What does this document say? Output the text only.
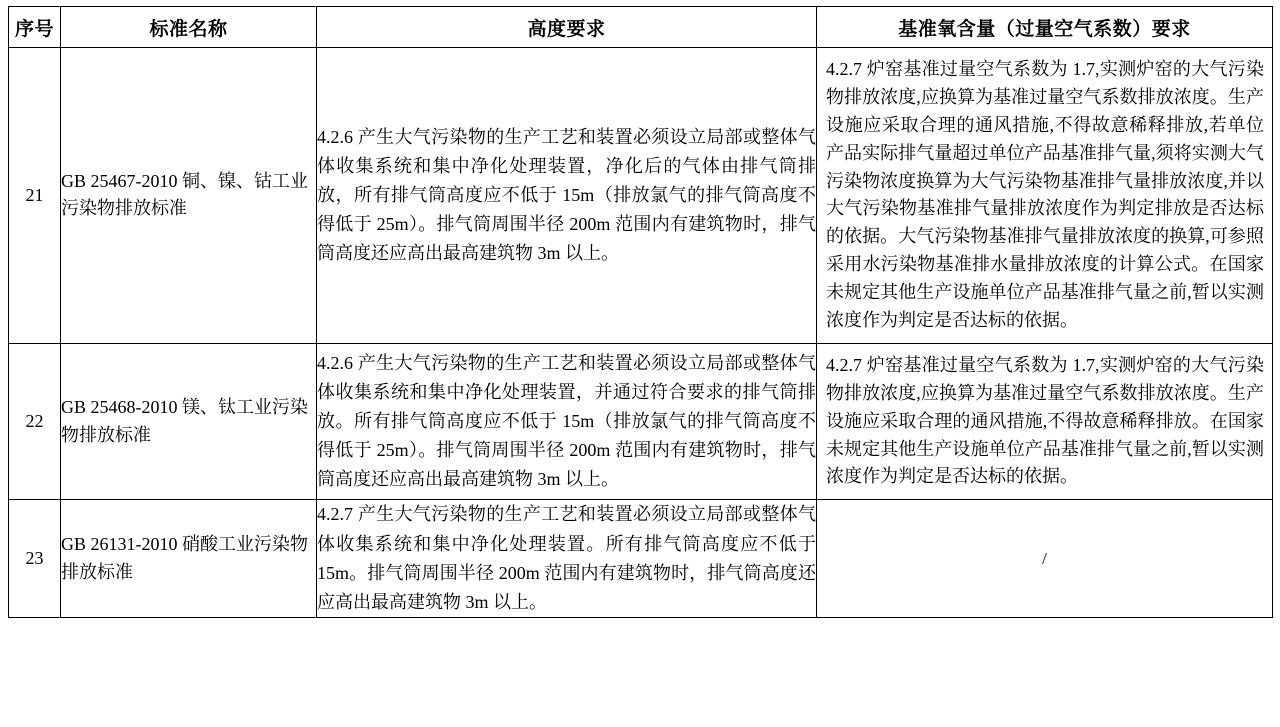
序号	标准名称	高度要求	基准氧含量（过量空气系数）要求
21	GB 25467-2010 铜、镍、钴工业污染物排放标准	4.2.6 产生大气污染物的生产工艺和装置必须设立局部或整体气体收集系统和集中净化处理装置，净化后的气体由排气筒排放，所有排气筒高度应不低于 15m（排放氯气的排气筒高度不得低于 25m）。排气筒周围半径 200m 范围内有建筑物时，排气筒高度还应高出最高建筑物 3m 以上。	4.2.7 炉窑基准过量空气系数为 1.7,实测炉窑的大气污染物排放浓度,应换算为基准过量空气系数排放浓度。生产设施应采取合理的通风措施,不得故意稀释排放,若单位产品实际排气量超过单位产品基准排气量,须将实测大气污染物浓度换算为大气污染物基准排气量排放浓度,并以大气污染物基准排气量排放浓度作为判定排放是否达标的依据。大气污染物基准排气量排放浓度的换算,可参照采用水污染物基准排水量排放浓度的计算公式。在国家未规定其他生产设施单位产品基准排气量之前,暂以实测浓度作为判定是否达标的依据。
22	GB 25468-2010 镁、钛工业污染物排放标准	4.2.6 产生大气污染物的生产工艺和装置必须设立局部或整体气体收集系统和集中净化处理装置，并通过符合要求的排气筒排放。所有排气筒高度应不低于 15m（排放氯气的排气筒高度不得低于 25m）。排气筒周围半径 200m 范围内有建筑物时，排气筒高度还应高出最高建筑物 3m 以上。	4.2.7 炉窑基准过量空气系数为 1.7,实测炉窑的大气污染物排放浓度,应换算为基准过量空气系数排放浓度。生产设施应采取合理的通风措施,不得故意稀释排放。在国家未规定其他生产设施单位产品基准排气量之前,暂以实测浓度作为判定是否达标的依据。
23	GB 26131-2010 硝酸工业污染物排放标准	4.2.7 产生大气污染物的生产工艺和装置必须设立局部或整体气体收集系统和集中净化处理装置。所有排气筒高度应不低于 15m。排气筒周围半径 200m 范围内有建筑物时，排气筒高度还应高出最高建筑物 3m 以上。	/
